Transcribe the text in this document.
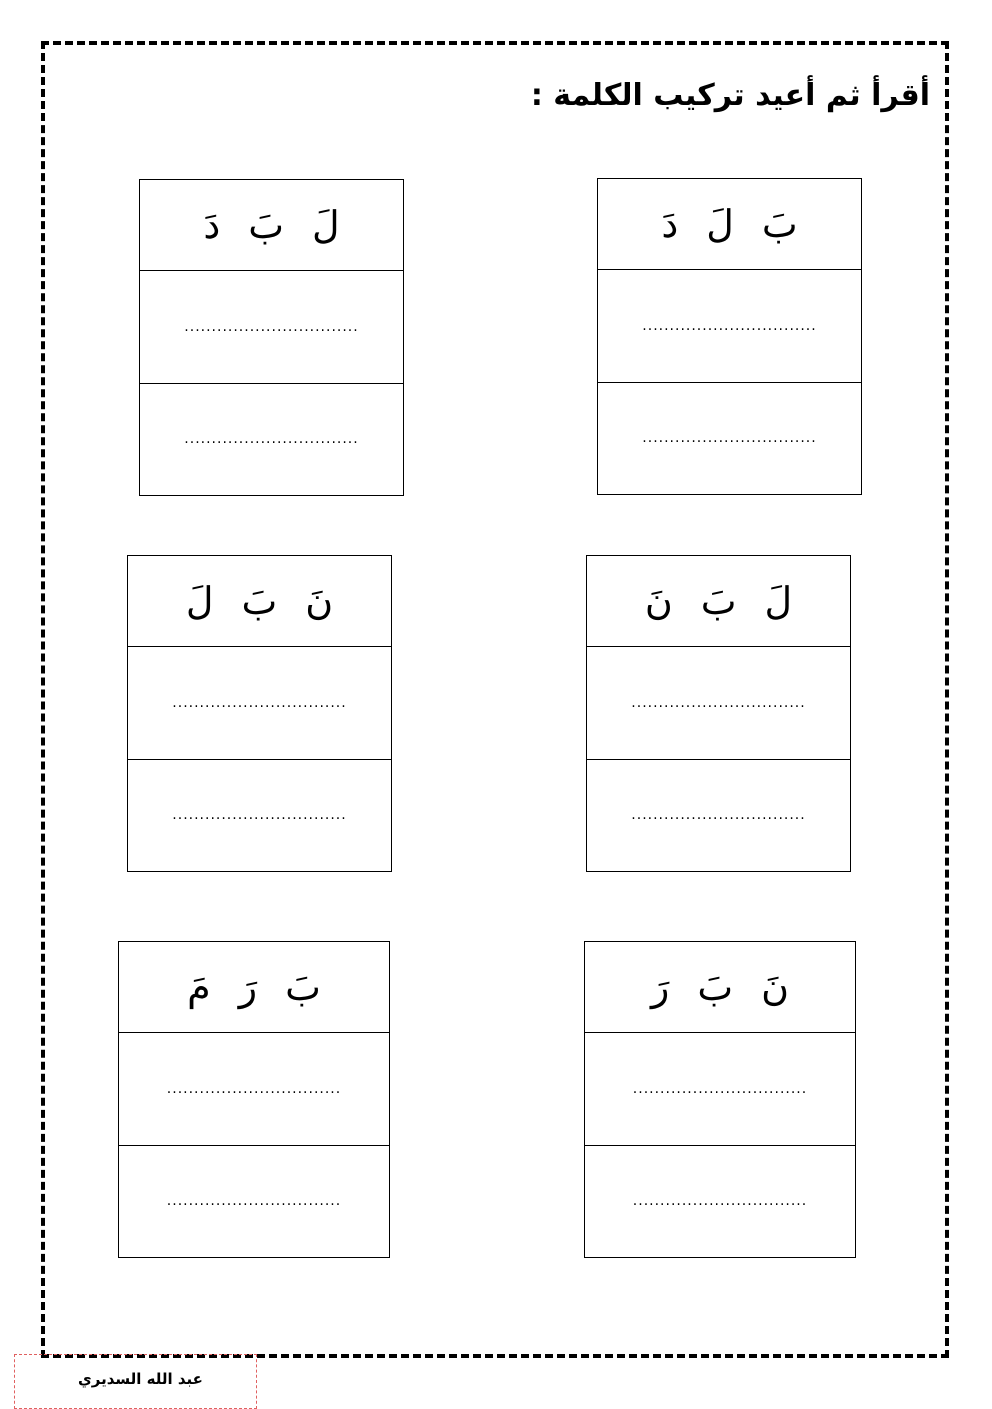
أقرأ ثم أعيد تركيب الكلمة :
بَ
لَ
دَ
................................
................................
لَ
بَ
دَ
................................
................................
لَ
بَ
نَ
................................
................................
نَ
بَ
لَ
................................
................................
نَ
بَ
رَ
................................
................................
بَ
رَ
مَ
................................
................................
عبد الله السديري
